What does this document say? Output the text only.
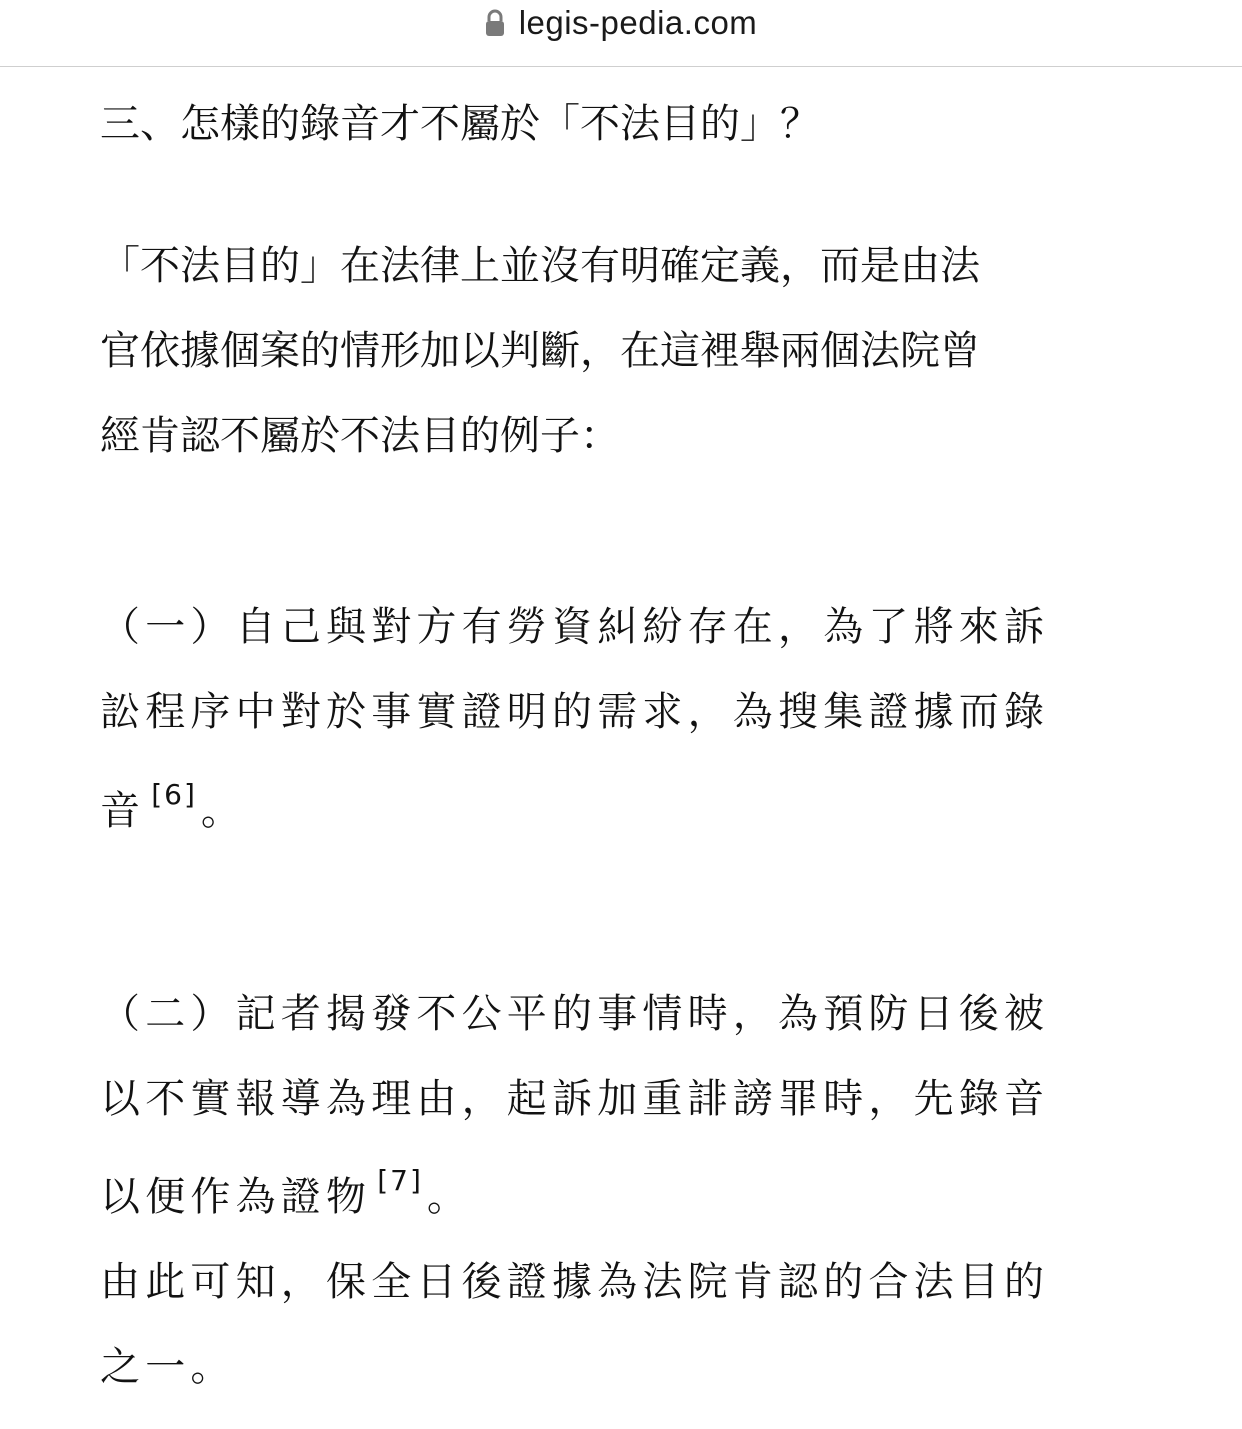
legis-pedia.com
三、怎樣的錄音才不屬於「不法目的」？
「不法目的」在法律上並沒有明確定義，而是由法
官依據個案的情形加以判斷，在這裡舉兩個法院曾
經肯認不屬於不法目的例子：
（一）自己與對方有勞資糾紛存在，為了將來訴
訟程序中對於事實證明的需求，為搜集證據而錄
音 [6] 。
（二）記者揭發不公平的事情時，為預防日後被
以不實報導為理由，起訴加重誹謗罪時，先錄音
以便作為證物 [7] 。
由此可知，保全日後證據為法院肯認的合法目的
之一。
